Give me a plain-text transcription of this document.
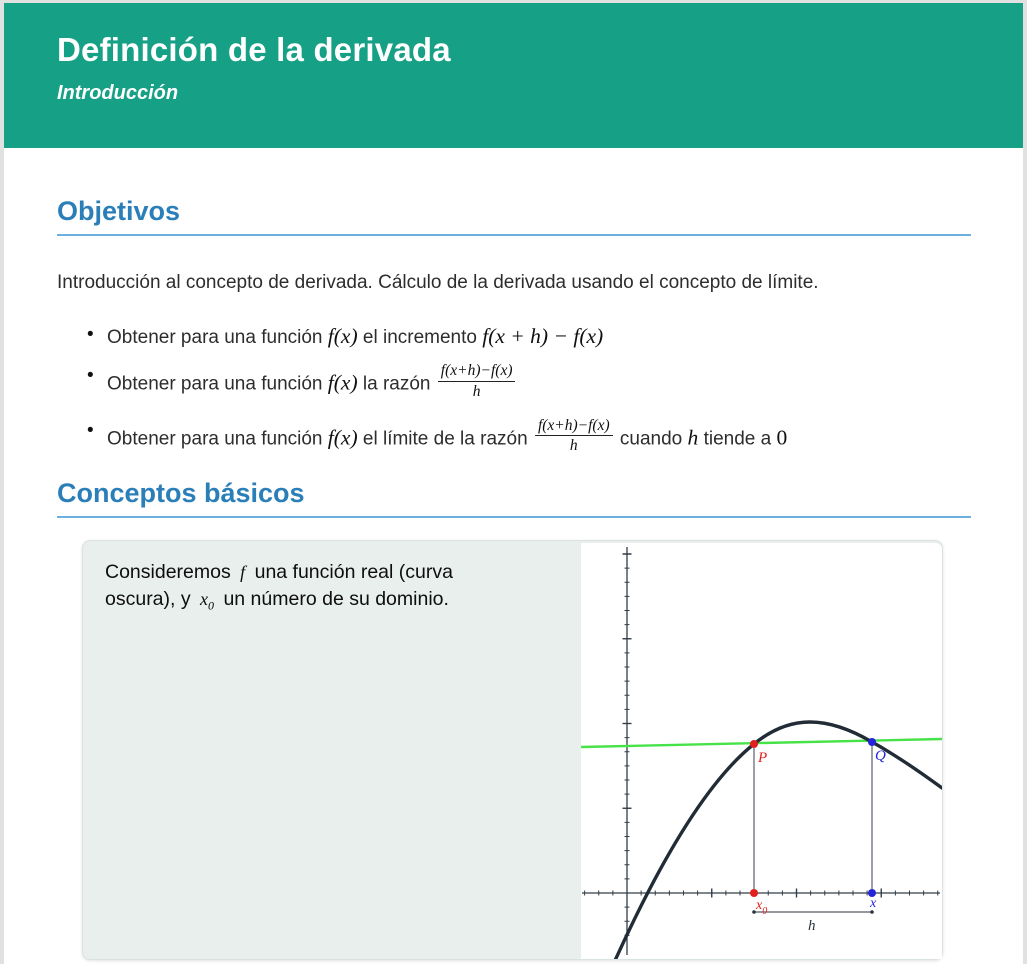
Definición de la derivada
Introducción
Objetivos

Introducción al concepto de derivada. Cálculo de la derivada usando el concepto de límite.

• Obtener para una función f(x) el incremento f(x + h) − f(x)
• Obtener para una función f(x) la razón $\frac{f(x+h)-f(x)}{h}$
• Obtener para una función f(x) el límite de la razón $\frac{f(x+h)-f(x)}{h}$ cuando h tiende a 0
Conceptos básicos

Consideremos f una función real (curva
oscura), y $x_0$ un número de su dominio.

P	Q
$x_0$
x
h
